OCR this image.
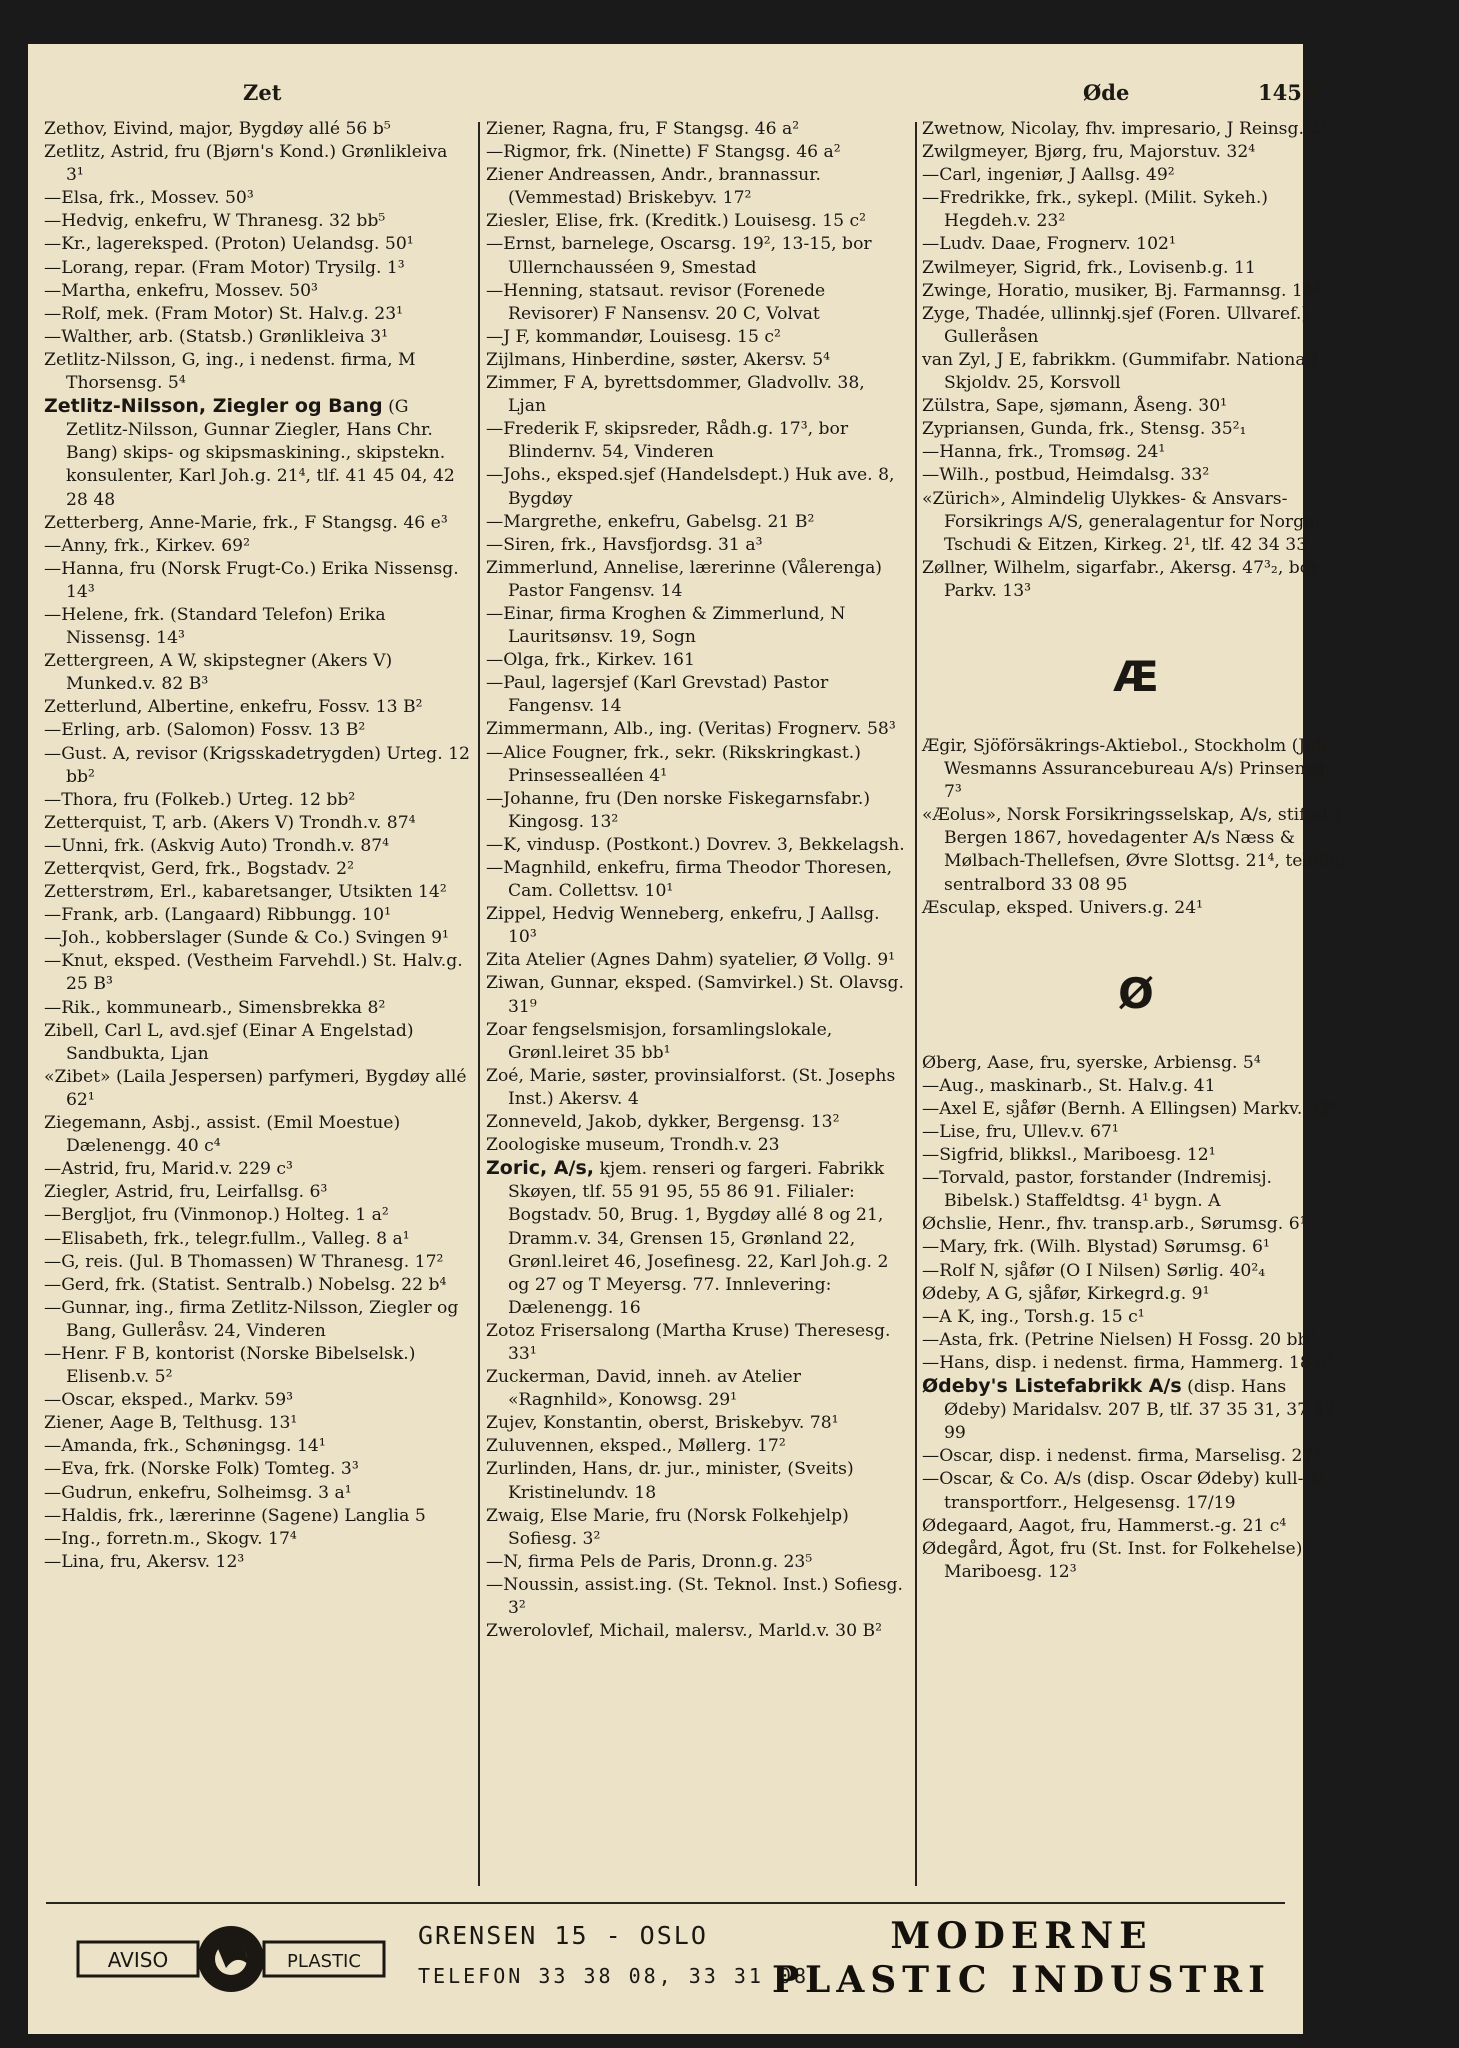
Zet	Øde	1459
Zethov, Eivind, major, Bygdøy allé 56 b⁵
Zetlitz, Astrid, fru (Bjørn's Kond.) Grønlikleiva 3¹
—Elsa, frk., Mossev. 50³
—Hedvig, enkefru, W Thranesg. 32 bb⁵
—Kr., lagereksped. (Proton) Uelandsg. 50¹
—Lorang, repar. (Fram Motor) Trysilg. 1³
—Martha, enkefru, Mossev. 50³
—Rolf, mek. (Fram Motor) St. Halv.g. 23¹
—Walther, arb. (Statsb.) Grønlikleiva 3¹
Zetlitz-Nilsson, G, ing., i nedenst. firma, M Thorsensg. 5⁴
Zetlitz-Nilsson, Ziegler og Bang (G Zetlitz-Nilsson, Gunnar Ziegler, Hans Chr. Bang) skips- og skipsmaskining., skipstekn. konsulenter, Karl Joh.g. 21⁴, tlf. 41 45 04, 42 28 48
Zetterberg, Anne-Marie, frk., F Stangsg. 46 e³
—Anny, frk., Kirkev. 69²
—Hanna, fru (Norsk Frugt-Co.) Erika Nissensg. 14³
—Helene, frk. (Standard Telefon) Erika Nissensg. 14³
Zettergreen, A W, skipstegner (Akers V) Munked.v. 82 B³
Zetterlund, Albertine, enkefru, Fossv. 13 B²
—Erling, arb. (Salomon) Fossv. 13 B²
—Gust. A, revisor (Krigsskadetrygden) Urteg. 12 bb²
—Thora, fru (Folkeb.) Urteg. 12 bb²
Zetterquist, T, arb. (Akers V) Trondh.v. 87⁴
—Unni, frk. (Askvig Auto) Trondh.v. 87⁴
Zetterqvist, Gerd, frk., Bogstadv. 2²
Zetterstrøm, Erl., kabaretsanger, Utsikten 14²
—Frank, arb. (Langaard) Ribbungg. 10¹
—Joh., kobberslager (Sunde & Co.) Svingen 9¹
—Knut, eksped. (Vestheim Farvehdl.) St. Halv.g. 25 B³
—Rik., kommunearb., Simensbrekka 8²
Zibell, Carl L, avd.sjef (Einar A Engelstad) Sandbukta, Ljan
«Zibet» (Laila Jespersen) parfymeri, Bygdøy allé 62¹
Ziegemann, Asbj., assist. (Emil Moestue) Dælenengg. 40 c⁴
—Astrid, fru, Marid.v. 229 c³
Ziegler, Astrid, fru, Leirfallsg. 6³
—Bergljot, fru (Vinmonop.) Holteg. 1 a²
—Elisabeth, frk., telegr.fullm., Valleg. 8 a¹
—G, reis. (Jul. B Thomassen) W Thranesg. 17²
—Gerd, frk. (Statist. Sentralb.) Nobelsg. 22 b⁴
—Gunnar, ing., firma Zetlitz-Nilsson, Ziegler og Bang, Gulleråsv. 24, Vinderen
—Henr. F B, kontorist (Norske Bibelselsk.) Elisenb.v. 5²
—Oscar, eksped., Markv. 59³
Ziener, Aage B, Telthusg. 13¹
—Amanda, frk., Schøningsg. 14¹
—Eva, frk. (Norske Folk) Tomteg. 3³
—Gudrun, enkefru, Solheimsg. 3 a¹
—Haldis, frk., lærerinne (Sagene) Langlia 5
—Ing., forretn.m., Skogv. 17⁴
—Lina, fru, Akersv. 12³
Ziener, Ragna, fru, F Stangsg. 46 a²
—Rigmor, frk. (Ninette) F Stangsg. 46 a²
Ziener Andreassen, Andr., brannassur. (Vemmestad) Briskebyv. 17²
Ziesler, Elise, frk. (Kreditk.) Louisesg. 15 c²
—Ernst, barnelege, Oscarsg. 19², 13-15, bor Ullernchausséen 9, Smestad
—Henning, statsaut. revisor (Forenede Revisorer) F Nansensv. 20 C, Volvat
—J F, kommandør, Louisesg. 15 c²
Zijlmans, Hinberdine, søster, Akersv. 5⁴
Zimmer, F A, byrettsdommer, Gladvollv. 38, Ljan
—Frederik F, skipsreder, Rådh.g. 17³, bor Blindernv. 54, Vinderen
—Johs., eksped.sjef (Handelsdept.) Huk ave. 8, Bygdøy
—Margrethe, enkefru, Gabelsg. 21 B²
—Siren, frk., Havsfjordsg. 31 a³
Zimmerlund, Annelise, lærerinne (Vålerenga) Pastor Fangensv. 14
—Einar, firma Kroghen & Zimmerlund, N Lauritsønsv. 19, Sogn
—Olga, frk., Kirkev. 161
—Paul, lagersjef (Karl Grevstad) Pastor Fangensv. 14
Zimmermann, Alb., ing. (Veritas) Frognerv. 58³
—Alice Fougner, frk., sekr. (Rikskringkast.) Prinsessealléen 4¹
—Johanne, fru (Den norske Fiskegarnsfabr.) Kingosg. 13²
—K, vindusp. (Postkont.) Dovrev. 3, Bekkelagsh.
—Magnhild, enkefru, firma Theodor Thoresen, Cam. Collettsv. 10¹
Zippel, Hedvig Wenneberg, enkefru, J Aallsg. 10³
Zita Atelier (Agnes Dahm) syatelier, Ø Vollg. 9¹
Ziwan, Gunnar, eksped. (Samvirkel.) St. Olavsg. 31⁹
Zoar fengselsmisjon, forsamlingslokale, Grønl.leiret 35 bb¹
Zoé, Marie, søster, provinsialforst. (St. Josephs Inst.) Akersv. 4
Zonneveld, Jakob, dykker, Bergensg. 13²
Zoologiske museum, Trondh.v. 23
Zoric, A/s, kjem. renseri og fargeri. Fabrikk Skøyen, tlf. 55 91 95, 55 86 91. Filialer: Bogstadv. 50, Brug. 1, Bygdøy allé 8 og 21, Dramm.v. 34, Grensen 15, Grønland 22, Grønl.leiret 46, Josefinesg. 22, Karl Joh.g. 2 og 27 og T Meyersg. 77. Innlevering: Dælenengg. 16
Zotoz Frisersalong (Martha Kruse) Theresesg. 33¹
Zuckerman, David, inneh. av Atelier «Ragnhild», Konowsg. 29¹
Zujev, Konstantin, oberst, Briskebyv. 78¹
Zuluvennen, eksped., Møllerg. 17²
Zurlinden, Hans, dr. jur., minister, (Sveits) Kristinelundv. 18
Zwaig, Else Marie, fru (Norsk Folkehjelp) Sofiesg. 3²
—N, firma Pels de Paris, Dronn.g. 23⁵
—Noussin, assist.ing. (St. Teknol. Inst.) Sofiesg. 3²
Zwerolovlef, Michail, malersv., Marld.v. 30 B²
Zwetnow, Nicolay, fhv. impresario, J Reinsg. 2³
Zwilgmeyer, Bjørg, fru, Majorstuv. 32⁴
—Carl, ingeniør, J Aallsg. 49²
—Fredrikke, frk., sykepl. (Milit. Sykeh.) Hegdeh.v. 23²
—Ludv. Daae, Frognerv. 102¹
Zwilmeyer, Sigrid, frk., Lovisenb.g. 11
Zwinge, Horatio, musiker, Bj. Farmannsg. 14²
Zyge, Thadée, ullinnkj.sjef (Foren. Ullvaref.) Gulleråsen
van Zyl, J E, fabrikkm. (Gummifabr. National) Skjoldv. 25, Korsvoll
Zülstra, Sape, sjømann, Åseng. 30¹
Zypriansen, Gunda, frk., Stensg. 35²₁
—Hanna, frk., Tromsøg. 24¹
—Wilh., postbud, Heimdalsg. 33²
«Zürich», Almindelig Ulykkes- & Ansvars-Forsikrings A/S, generalagentur for Norge: Tschudi & Eitzen, Kirkeg. 2¹, tlf. 42 34 33
Zøllner, Wilhelm, sigarfabr., Akersg. 47³₂, bor Parkv. 13³
Æ
Ægir, Sjöförsäkrings-Aktiebol., Stockholm (Joh. Wesmanns Assurancebureau A/s) Prinsensg. 7³
«Æolus», Norsk Forsikringsselskap, A/s, stiftet i Bergen 1867, hovedagenter A/s Næss & Mølbach-Thellefsen, Øvre Slottsg. 21⁴, telefon sentralbord 33 08 95
Æsculap, eksped. Univers.g. 24¹
Ø
Øberg, Aase, fru, syerske, Arbiensg. 5⁴
—Aug., maskinarb., St. Halv.g. 41
—Axel E, sjåfør (Bernh. A Ellingsen) Markv. 33⁴
—Lise, fru, Ullev.v. 67¹
—Sigfrid, blikksl., Mariboesg. 12¹
—Torvald, pastor, forstander (Indremisj. Bibelsk.) Staffeldtsg. 4¹ bygn. A
Øchslie, Henr., fhv. transp.arb., Sørumsg. 6¹
—Mary, frk. (Wilh. Blystad) Sørumsg. 6¹
—Rolf N, sjåfør (O I Nilsen) Sørlig. 40²₄
Ødeby, A G, sjåfør, Kirkegrd.g. 9¹
—A K, ing., Torsh.g. 15 c¹
—Asta, frk. (Petrine Nielsen) H Fossg. 20 bb²
—Hans, disp. i nedenst. firma, Hammerg. 18 a¹
Ødeby's Listefabrikk A/s (disp. Hans Ødeby) Maridalsv. 207 B, tlf. 37 35 31, 37 42 99
—Oscar, disp. i nedenst. firma, Marselisg. 27⁴
—Oscar, & Co. A/s (disp. Oscar Ødeby) kull- & transportforr., Helgesensg. 17/19
Ødegaard, Aagot, fru, Hammerst.-g. 21 c⁴
Ødegård, Ågot, fru (St. Inst. for Folkehelse) Mariboesg. 12³
AVISO	PLASTIC
GRENSEN 15 - OSLO
TELEFON 33 38 08, 33 31 08
MODERNE
PLASTIC INDUSTRI
